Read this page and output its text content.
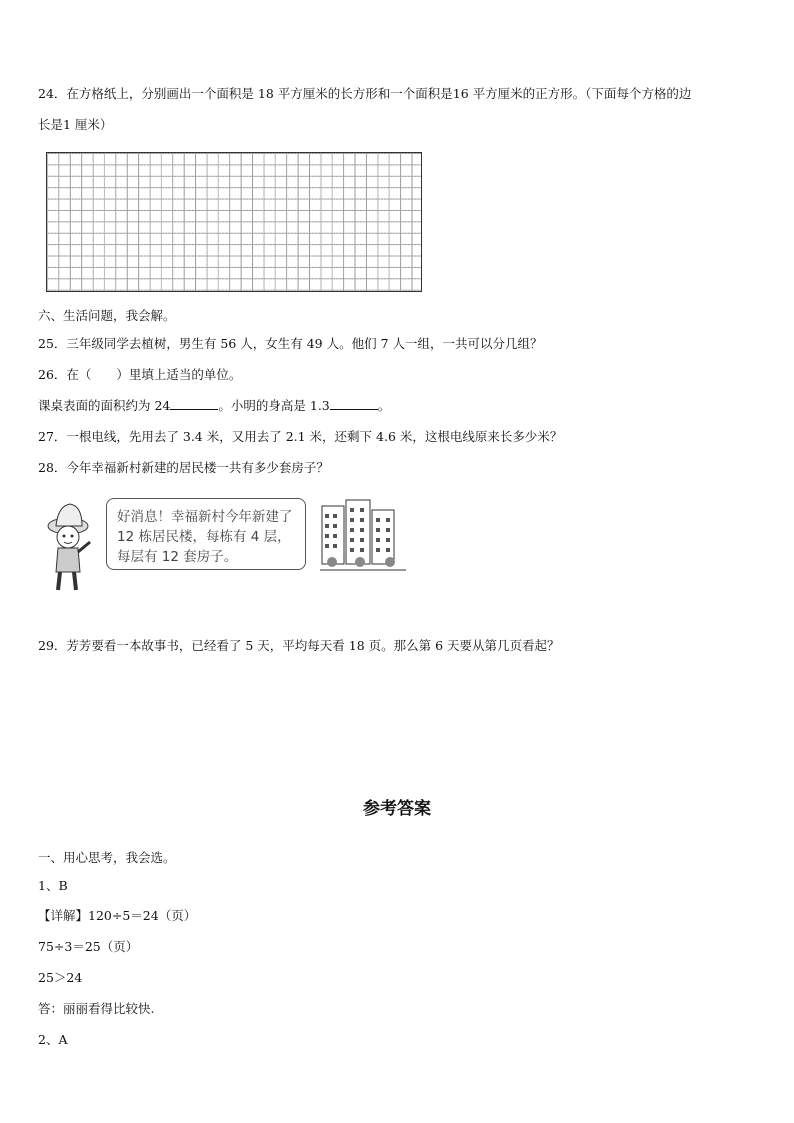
24．在方格纸上，分别画出一个面积是 18 平方厘米的长方形和一个面积是16 平方厘米的正方形。（下面每个方格的边
长是1 厘米）
六、生活问题，我会解。
25．三年级同学去植树，男生有 56 人，女生有 49 人。他们 7 人一组，一共可以分几组？
26．在（　　）里填上适当的单位。
课桌表面的面积约为 24	。小明的身高是 1.3	。
27．一根电线，先用去了 3.4 米，又用去了 2.1 米，还剩下 4.6 米，这根电线原来长多少米？
28．今年幸福新村新建的居民楼一共有多少套房子？
好消息！幸福新村今年新建了 12 栋居民楼，每栋有 4 层，每层有 12 套房子。
29．芳芳要看一本故事书，已经看了 5 天，平均每天看 18 页。那么第 6 天要从第几页看起？
参考答案
一、用心思考，我会选。
1、B
【详解】120÷5＝24（页）
75÷3＝25（页）
25＞24
答：丽丽看得比较快.
2、A
